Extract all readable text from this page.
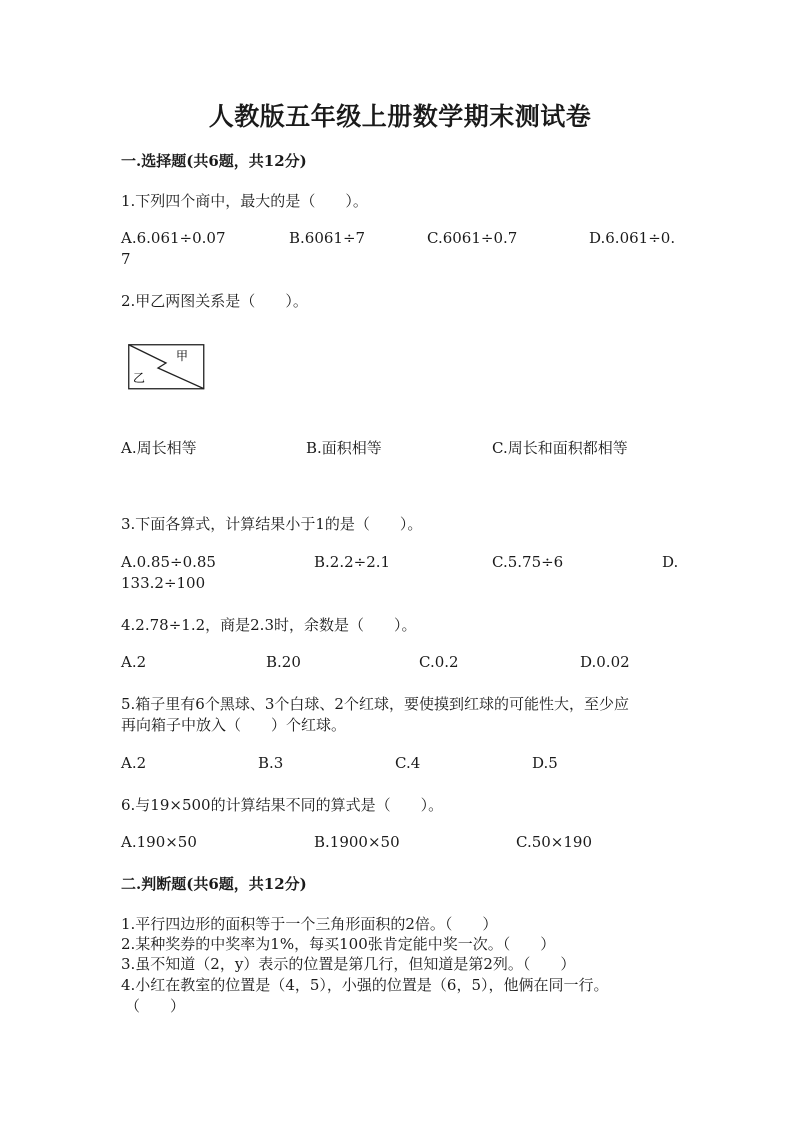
人教版五年级上册数学期末测试卷
一.选择题(共6题，共12分)
1.下列四个商中，最大的是（　　）。
A.6.061÷0.07	B.6061÷7	C.6061÷0.7	D.6.061÷0.
7
2.甲乙两图关系是（　　）。
甲
乙
A.周长相等	B.面积相等	C.周长和面积都相等
3.下面各算式，计算结果小于1的是（　　）。
A.0.85÷0.85	B.2.2÷2.1	C.5.75÷6	D.
133.2÷100
4.2.78÷1.2，商是2.3时，余数是（　　）。
A.2	B.20	C.0.2	D.0.02
5.箱子里有6个黑球、3个白球、2个红球，要使摸到红球的可能性大，至少应
再向箱子中放入（　　）个红球。
A.2	B.3	C.4	D.5
6.与19×500的计算结果不同的算式是（　　）。
A.190×50	B.1900×50	C.50×190
二.判断题(共6题，共12分)
1.平行四边形的面积等于一个三角形面积的2倍。（　　）
2.某种奖券的中奖率为1%，每买100张肯定能中奖一次。（　　）
3.虽不知道（2，y）表示的位置是第几行，但知道是第2列。（　　）
4.小红在教室的位置是（4，5），小强的位置是（6，5），他俩在同一行。
（　　）
